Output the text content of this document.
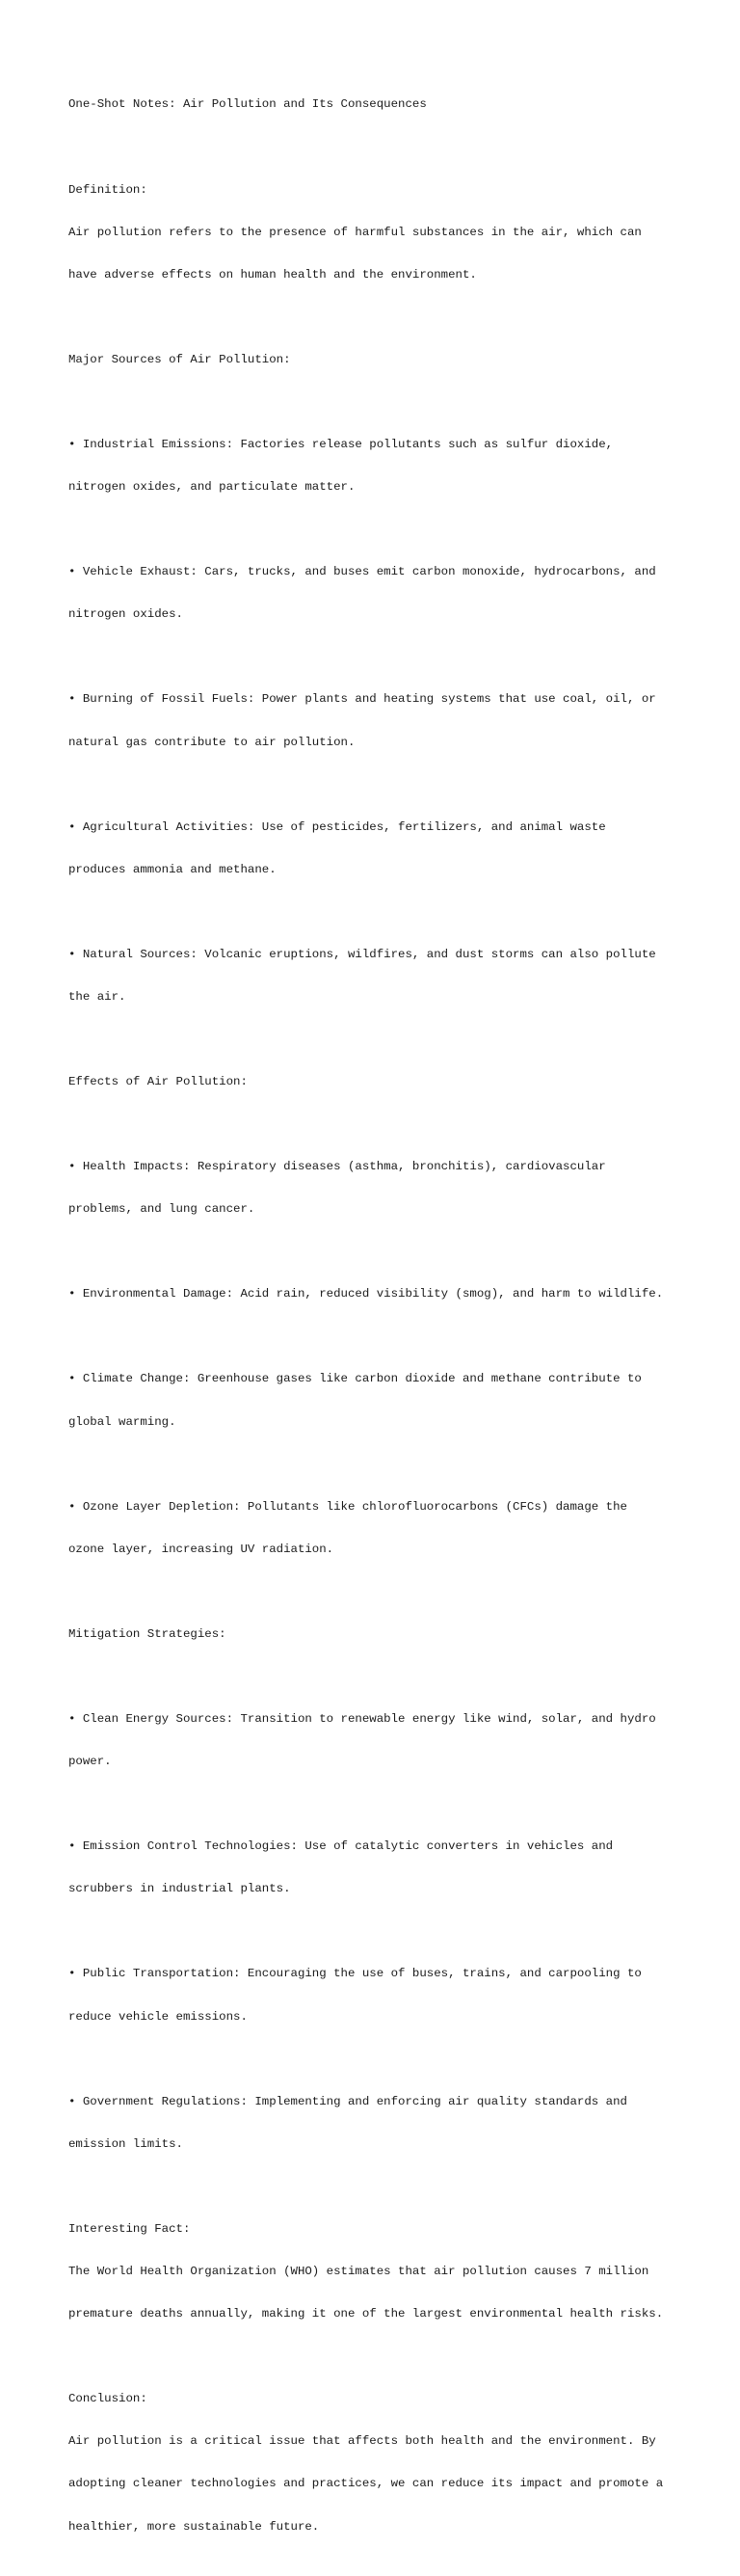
One-Shot Notes: Air Pollution and Its Consequences

Definition:

Air pollution refers to the presence of harmful substances in the air, which can

have adverse effects on human health and the environment.

Major Sources of Air Pollution:

• Industrial Emissions: Factories release pollutants such as sulfur dioxide,

nitrogen oxides, and particulate matter.

• Vehicle Exhaust: Cars, trucks, and buses emit carbon monoxide, hydrocarbons, and

nitrogen oxides.

• Burning of Fossil Fuels: Power plants and heating systems that use coal, oil, or

natural gas contribute to air pollution.

• Agricultural Activities: Use of pesticides, fertilizers, and animal waste

produces ammonia and methane.

• Natural Sources: Volcanic eruptions, wildfires, and dust storms can also pollute

the air.

Effects of Air Pollution:

• Health Impacts: Respiratory diseases (asthma, bronchitis), cardiovascular

problems, and lung cancer.

• Environmental Damage: Acid rain, reduced visibility (smog), and harm to wildlife.

• Climate Change: Greenhouse gases like carbon dioxide and methane contribute to

global warming.

• Ozone Layer Depletion: Pollutants like chlorofluorocarbons (CFCs) damage the

ozone layer, increasing UV radiation.

Mitigation Strategies:

• Clean Energy Sources: Transition to renewable energy like wind, solar, and hydro

power.

• Emission Control Technologies: Use of catalytic converters in vehicles and

scrubbers in industrial plants.

• Public Transportation: Encouraging the use of buses, trains, and carpooling to

reduce vehicle emissions.

• Government Regulations: Implementing and enforcing air quality standards and

emission limits.

Interesting Fact:

The World Health Organization (WHO) estimates that air pollution causes 7 million

premature deaths annually, making it one of the largest environmental health risks.

Conclusion:

Air pollution is a critical issue that affects both health and the environment. By

adopting cleaner technologies and practices, we can reduce its impact and promote a

healthier, more sustainable future.
